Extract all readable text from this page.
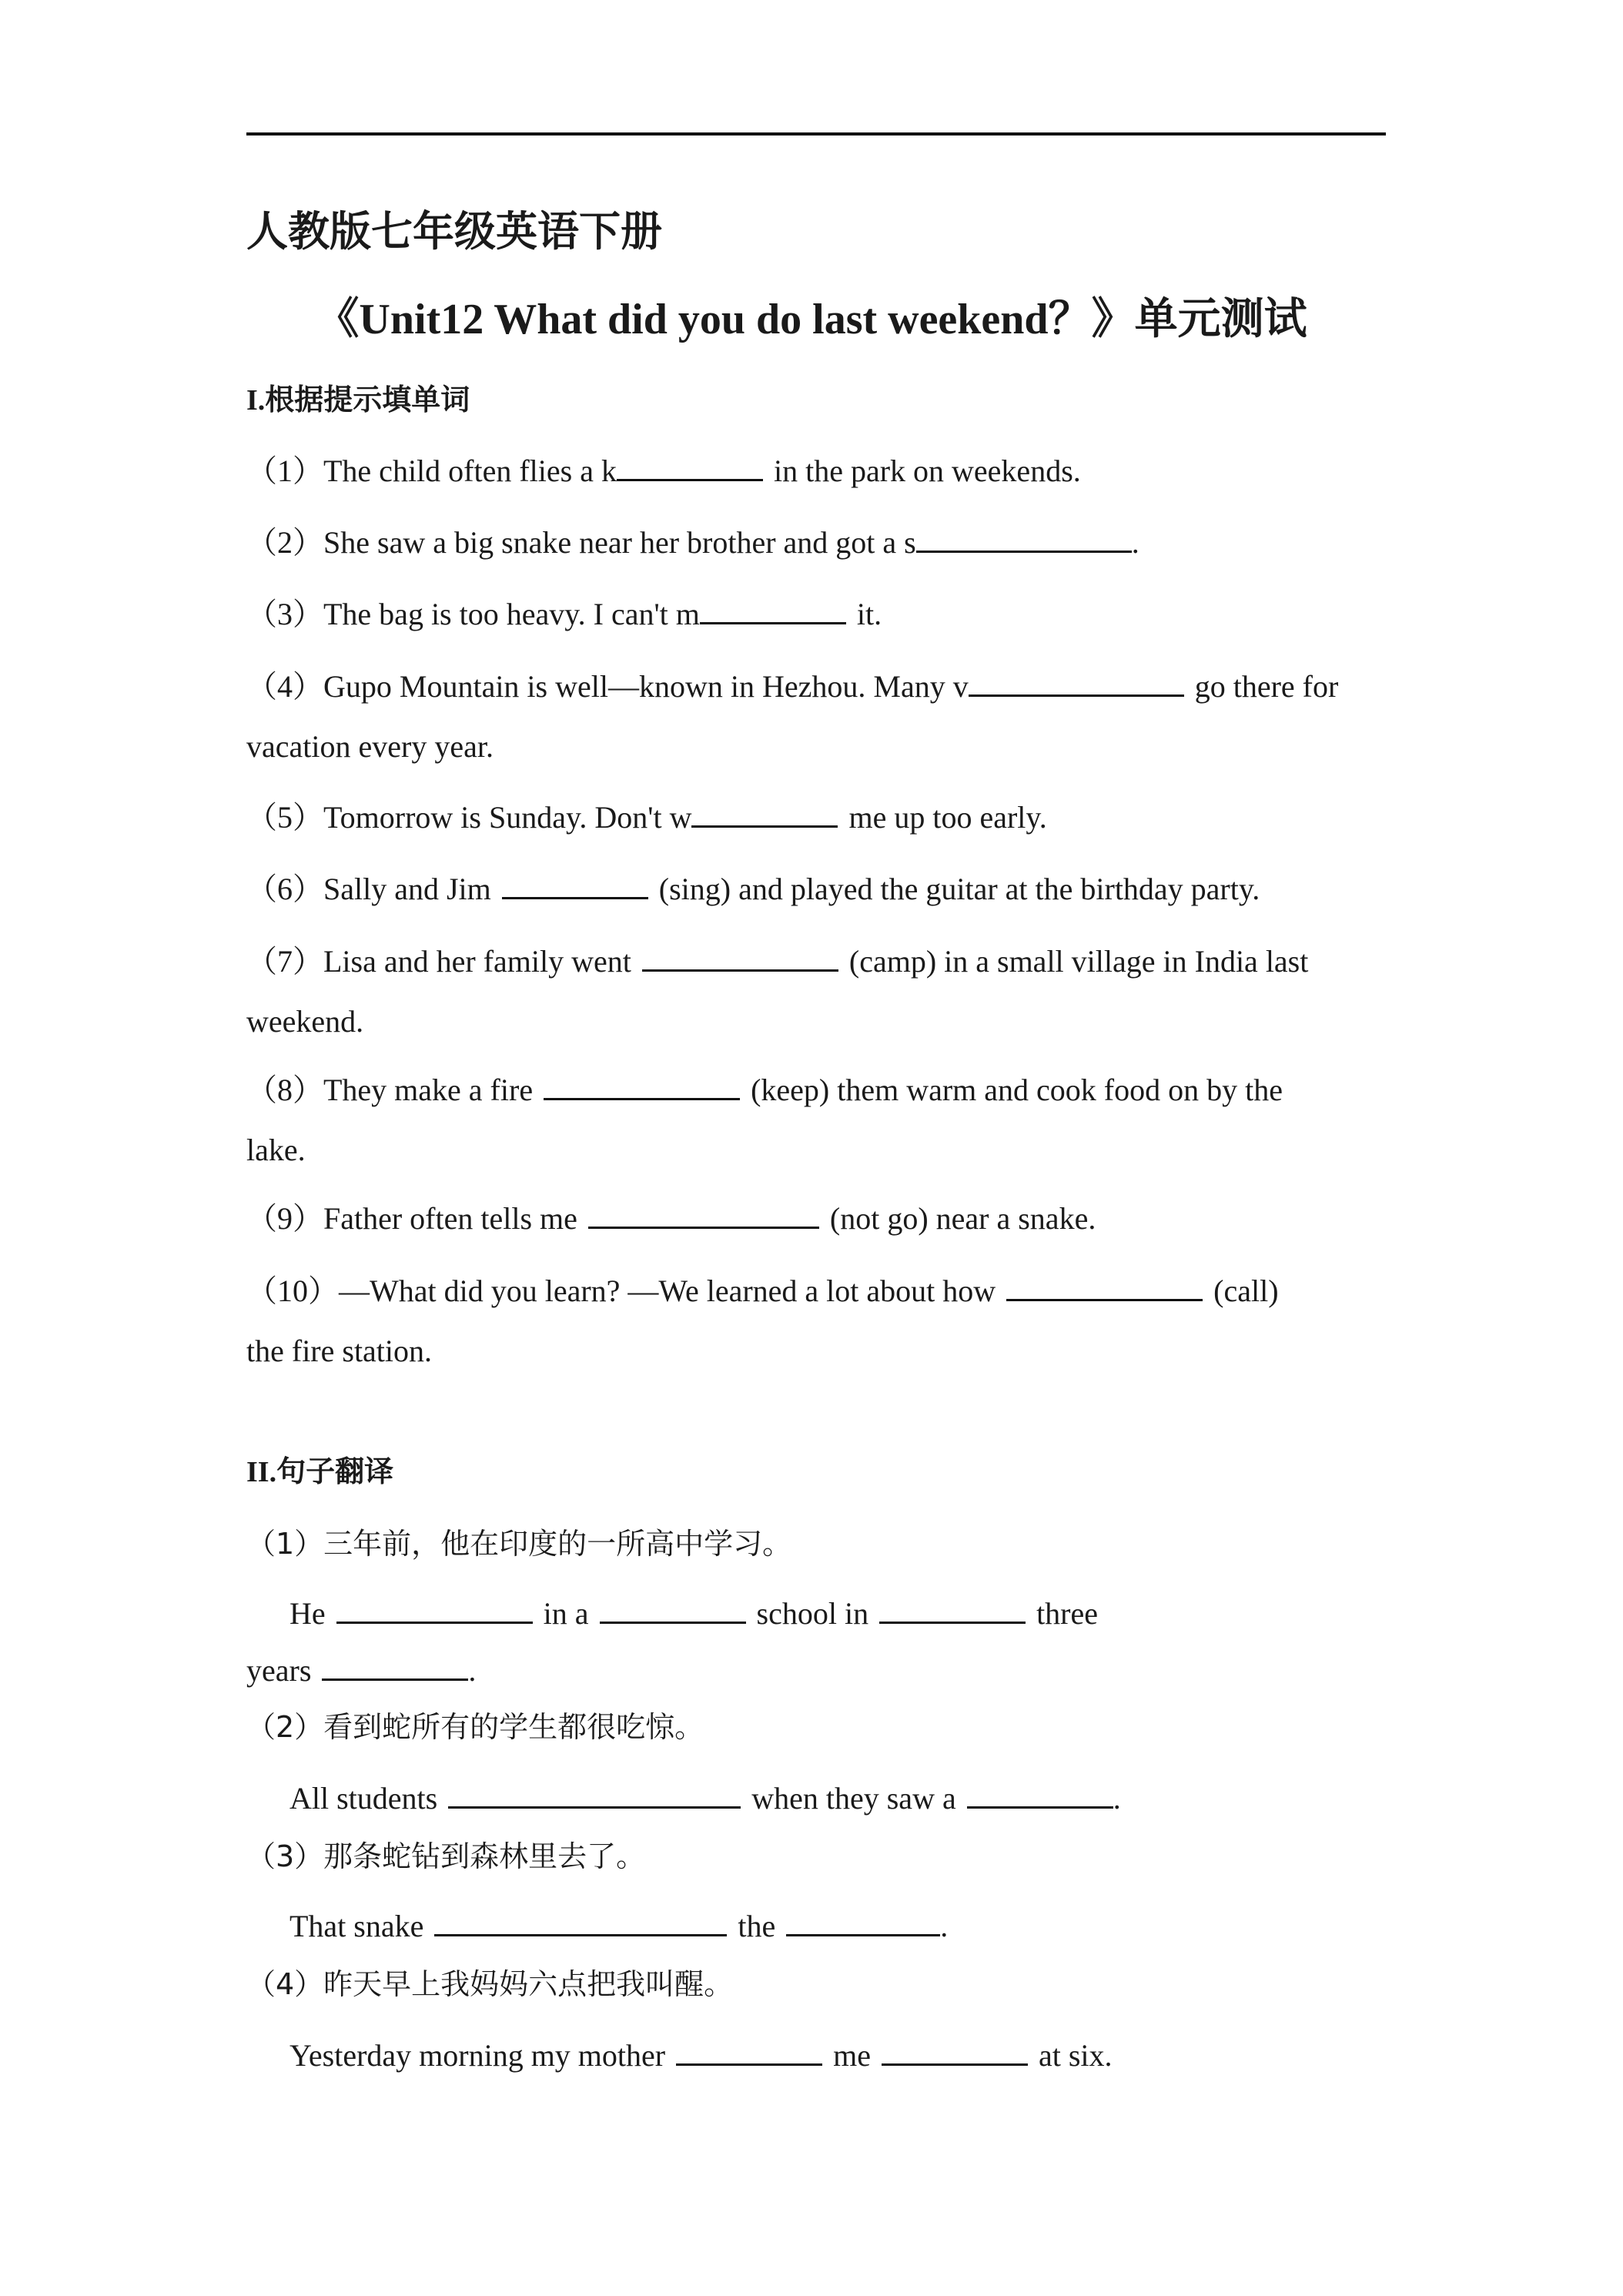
人教版七年级英语下册
《Unit12 What did you do last weekend？》单元测试
I.根据提示填单词
（1）The child often flies a k	in the park on weekends.
（2）She saw a big snake near her brother and got a s	.
（3）The bag is too heavy. I can't m	it.
（4）Gupo Mountain is well—known in Hezhou. Many v	go there for
vacation every year.
（5）Tomorrow is Sunday. Don't w	me up too early.
（6）Sally and Jim	(sing) and played the guitar at the birthday party.
（7）Lisa and her family went	(camp) in a small village in India last
weekend.
（8）They make a fire	(keep) them warm and cook food on by the
lake.
（9）Father often tells me	(not go) near a snake.
（10）—What did you learn? —We learned a lot about how	(call)
the fire station.
II.句子翻译
（1）三年前，他在印度的一所高中学习。
He	in a	school in	three
years	.
（2）看到蛇所有的学生都很吃惊。
All students	when they saw a	.
（3）那条蛇钻到森林里去了。
That snake	the	.
（4）昨天早上我妈妈六点把我叫醒。
Yesterday morning my mother	me	at six.
